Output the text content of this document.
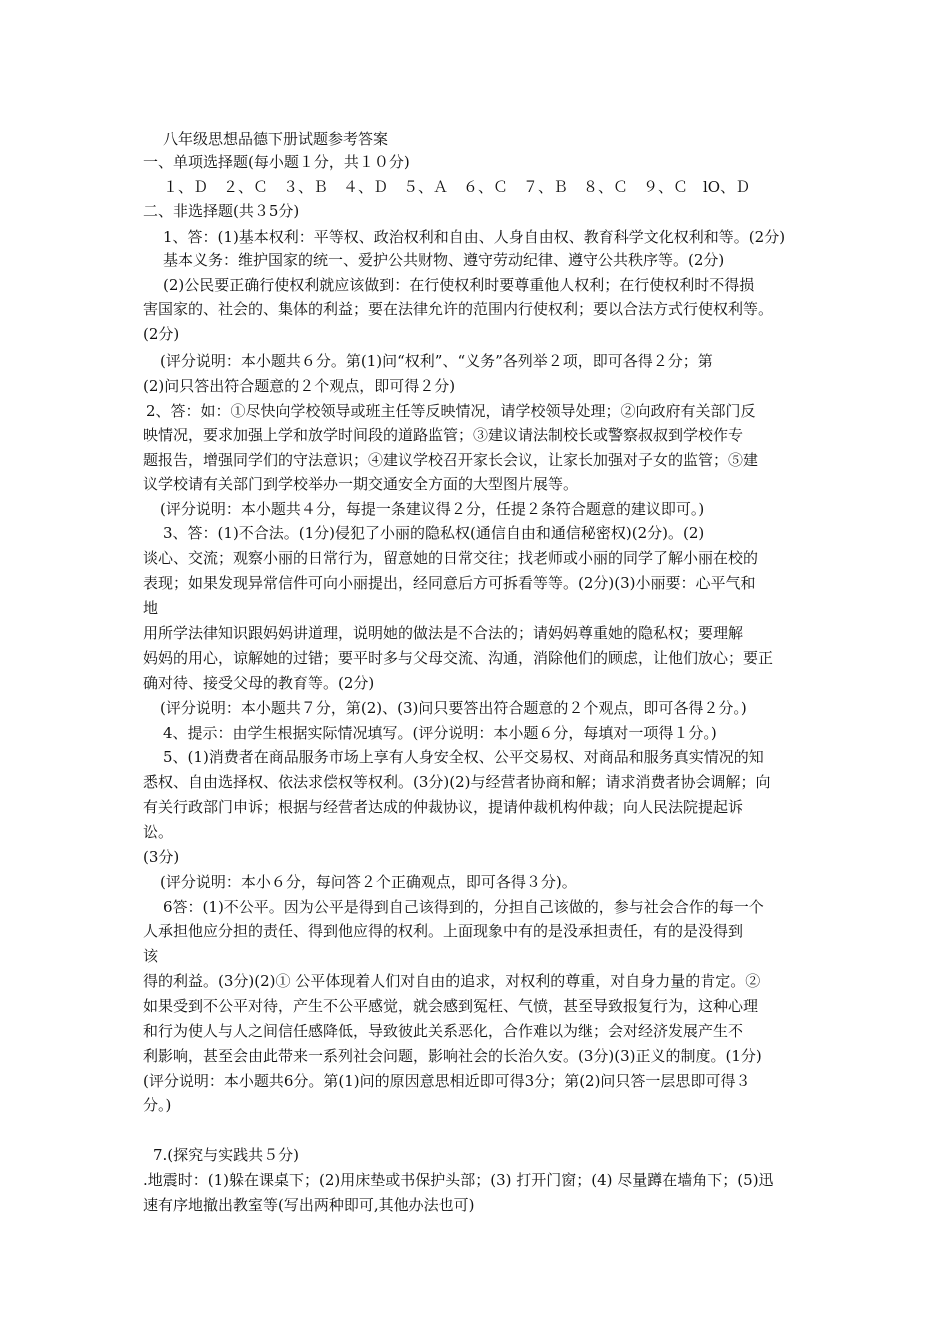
八年级思想品德下册试题参考答案
一、单项选择题(每小题１分，共１０分)
１、Ｄ　２、Ｃ　３、Ｂ　４、Ｄ　５、Ａ　６、Ｃ　７、Ｂ　８、Ｃ　９、Ｃ　lO、Ｄ
二、非选择题(共３5分)
1、答：(1)基本权利：平等权、政治权利和自由、人身自由权、教育科学文化权利和等。(2分)
基本义务：维护国家的统一、爱护公共财物、遵守劳动纪律、遵守公共秩序等。(2分)
(2)公民要正确行使权利就应该做到：在行使权利时要尊重他人权利；在行使权利时不得损
害国家的、社会的、集体的利益；要在法律允许的范围内行使权利；要以合法方式行使权利等。
(2分)
(评分说明：本小题共６分。第(1)问“权利”、“义务”各列举２项，即可各得２分；第
(2)问只答出符合题意的２个观点，即可得２分)
2、答：如：①尽快向学校领导或班主任等反映情况，请学校领导处理；②向政府有关部门反
映情况，要求加强上学和放学时间段的道路监管；③建议请法制校长或警察叔叔到学校作专
题报告，增强同学们的守法意识；④建议学校召开家长会议，让家长加强对子女的监管；⑤建
议学校请有关部门到学校举办一期交通安全方面的大型图片展等。
(评分说明：本小题共４分，每提一条建议得２分，任提２条符合题意的建议即可。)
3、答：(1)不合法。(1分)侵犯了小丽的隐私权(通信自由和通信秘密权)(2分)。(2)
谈心、交流；观察小丽的日常行为，留意她的日常交往；找老师或小丽的同学了解小丽在校的
表现；如果发现异常信件可向小丽提出，经同意后方可拆看等等。(2分)(3)小丽要：心平气和
地
用所学法律知识跟妈妈讲道理，说明她的做法是不合法的；请妈妈尊重她的隐私权；要理解
妈妈的用心，谅解她的过错；要平时多与父母交流、沟通，消除他们的顾虑，让他们放心；要正
确对待、接受父母的教育等。(2分)
(评分说明：本小题共７分，第(2)、(3)问只要答出符合题意的２个观点，即可各得２分。)
4、提示：由学生根据实际情况填写。(评分说明：本小题６分，每填对一项得１分。)
5、(1)消费者在商品服务市场上享有人身安全权、公平交易权、对商品和服务真实情况的知
悉权、自由选择权、依法求偿权等权利。(3分)(2)与经营者协商和解；请求消费者协会调解；向
有关行政部门申诉；根据与经营者达成的仲裁协议，提请仲裁机构仲裁；向人民法院提起诉
讼。
(3分)
(评分说明：本小６分，每问答２个正确观点，即可各得３分)。
6答：(1)不公平。因为公平是得到自己该得到的，分担自己该做的，参与社会合作的每一个
人承担他应分担的责任、得到他应得的权利。上面现象中有的是没承担责任，有的是没得到
该
得的利益。(3分)(2)① 公平体现着人们对自由的追求，对权利的尊重，对自身力量的肯定。②
如果受到不公平对待，产生不公平感觉，就会感到冤枉、气愤，甚至导致报复行为，这种心理
和行为使人与人之间信任感降低，导致彼此关系恶化，合作难以为继；会对经济发展产生不
利影响，甚至会由此带来一系列社会问题，影响社会的长治久安。(3分)(3)正义的制度。(1分)
(评分说明：本小题共6分。第(1)问的原因意思相近即可得3分；第(2)问只答一层思即可得３
分。)
7.(探究与实践共５分)
.地震时：(1)躲在课桌下；(2)用床垫或书保护头部；(3) 打开门窗；(4) 尽量蹲在墙角下；(5)迅
速有序地撤出教室等(写出两种即可,其他办法也可)
